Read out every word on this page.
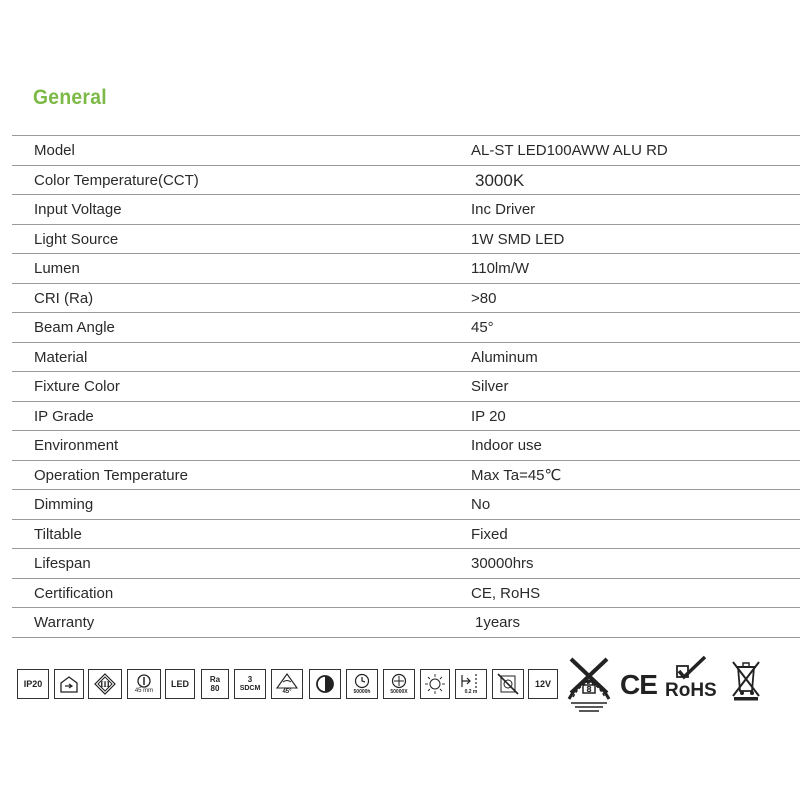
General
Model	AL-ST LED100AWW ALU RD
Color Temperature(CCT)	3000K
Input Voltage	Inc Driver
Light Source	1W SMD LED
Lumen	110lm/W
CRI (Ra)	>80
Beam Angle	45°
Material	Aluminum
Fixture Color	Silver
IP Grade	IP 20
Environment	Indoor use
Operation Temperature	Max Ta=45℃
Dimming	No
Tiltable	Fixed
Lifespan	30000hrs
Certification	CE, RoHS
Warranty	1years
IP20	III
45 mm
LED	Ra
80
3
SDCM	45°	50000h	50000X	0.2 m
12V
8 CE RoHS
